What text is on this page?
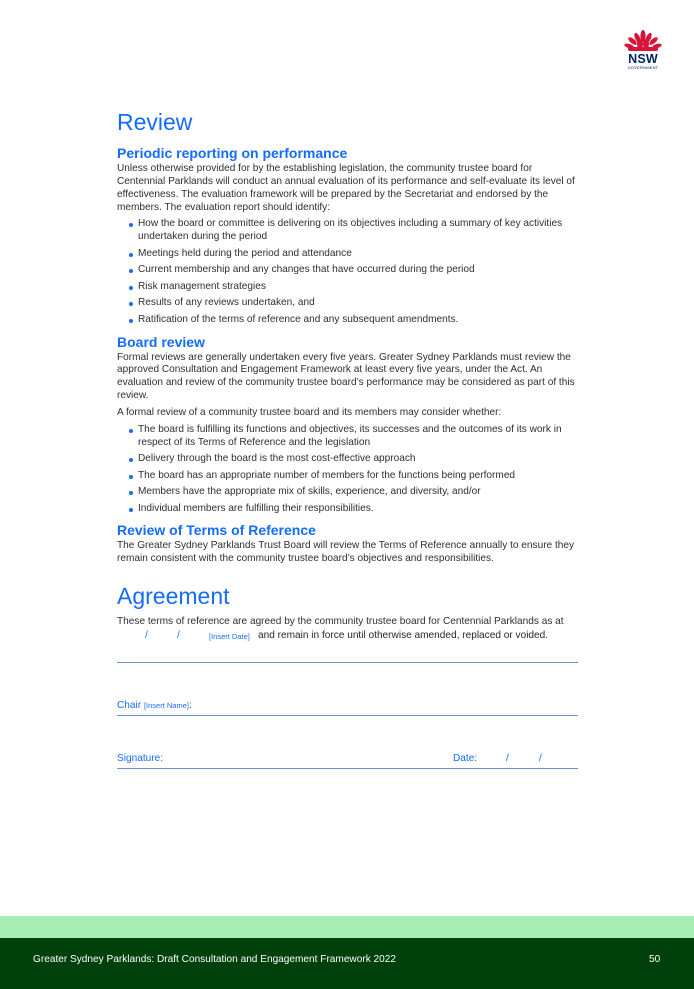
NSW
GOVERNMENT
Review
Periodic reporting on performance

Unless otherwise provided for by the establishing legislation, the community trustee board for Centennial Parklands will conduct an annual evaluation of its performance and self-evaluate its level of effectiveness. The evaluation framework will be prepared by the Secretariat and endorsed by the members. The evaluation report should identify:

How the board or committee is delivering on its objectives including a summary of key activities undertaken during the period
Meetings held during the period and attendance
Current membership and any changes that have occurred during the period
Risk management strategies
Results of any reviews undertaken, and
Ratification of the terms of reference and any subsequent amendments.
Board review

Formal reviews are generally undertaken every five years. Greater Sydney Parklands must review the approved Consultation and Engagement Framework at least every five years, under the Act. An evaluation and review of the community trustee board’s performance may be considered as part of this review.

A formal review of a community trustee board and its members may consider whether:

The board is fulfilling its functions and objectives, its successes and the outcomes of its work in respect of its Terms of Reference and the legislation
Delivery through the board is the most cost-effective approach
The board has an appropriate number of members for the functions being performed
Members have the appropriate mix of skills, experience, and diversity, and/or
Individual members are fulfilling their responsibilities.
Review of Terms of Reference

The Greater Sydney Parklands Trust Board will review the Terms of Reference annually to ensure they remain consistent with the community trustee board’s objectives and responsibilities.

Agreement

These terms of reference are agreed by the community trustee board for Centennial Parklands as at

/	/	[Insert Date] and remain in force until otherwise amended, replaced or voided.
Chair [Insert Name]:
Signature:	Date:	/	/
Greater Sydney Parklands: Draft Consultation and Engagement Framework 2022	50
